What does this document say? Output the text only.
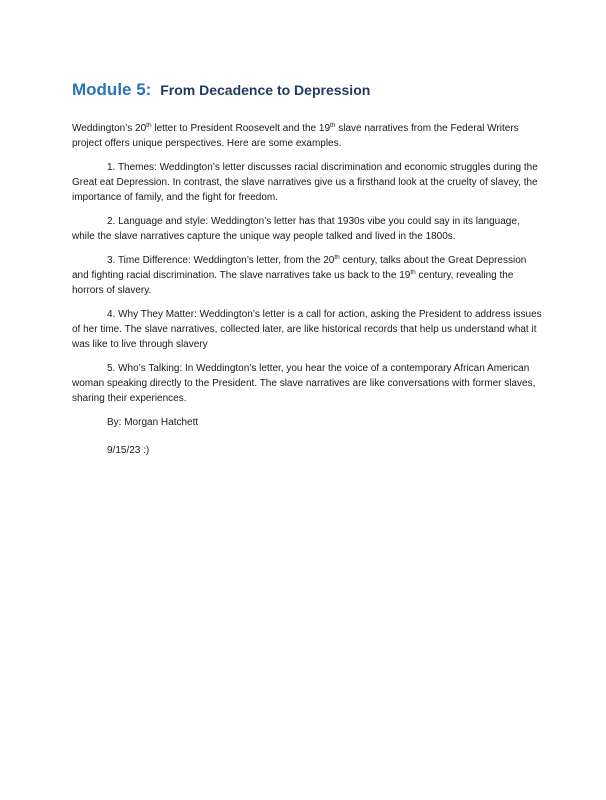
Module 5: From Decadence to Depression

Weddington’s 20th letter to President Roosevelt and the 19th slave narratives from the Federal Writers project offers unique perspectives. Here are some examples.

1. Themes: Weddington’s letter discusses racial discrimination and economic struggles during the Great eat Depression. In contrast, the slave narratives give us a firsthand look at the cruelty of slavey, the importance of family, and the fight for freedom.

2. Language and style: Weddington’s letter has that 1930s vibe you could say in its language, while the slave narratives capture the unique way people talked and lived in the 1800s.

3. Time Difference: Weddington’s letter, from the 20th century, talks about the Great Depression and fighting racial discrimination. The slave narratives take us back to the 19th century, revealing the horrors of slavery.

4. Why They Matter: Weddington’s letter is a call for action, asking the President to address issues of her time. The slave narratives, collected later, are like historical records that help us understand what it was like to live through slavery

5. Who’s Talking: In Weddington’s letter, you hear the voice of a contemporary African American woman speaking directly to the President. The slave narratives are like conversations with former slaves, sharing their experiences.

By: Morgan Hatchett

9/15/23 :)
